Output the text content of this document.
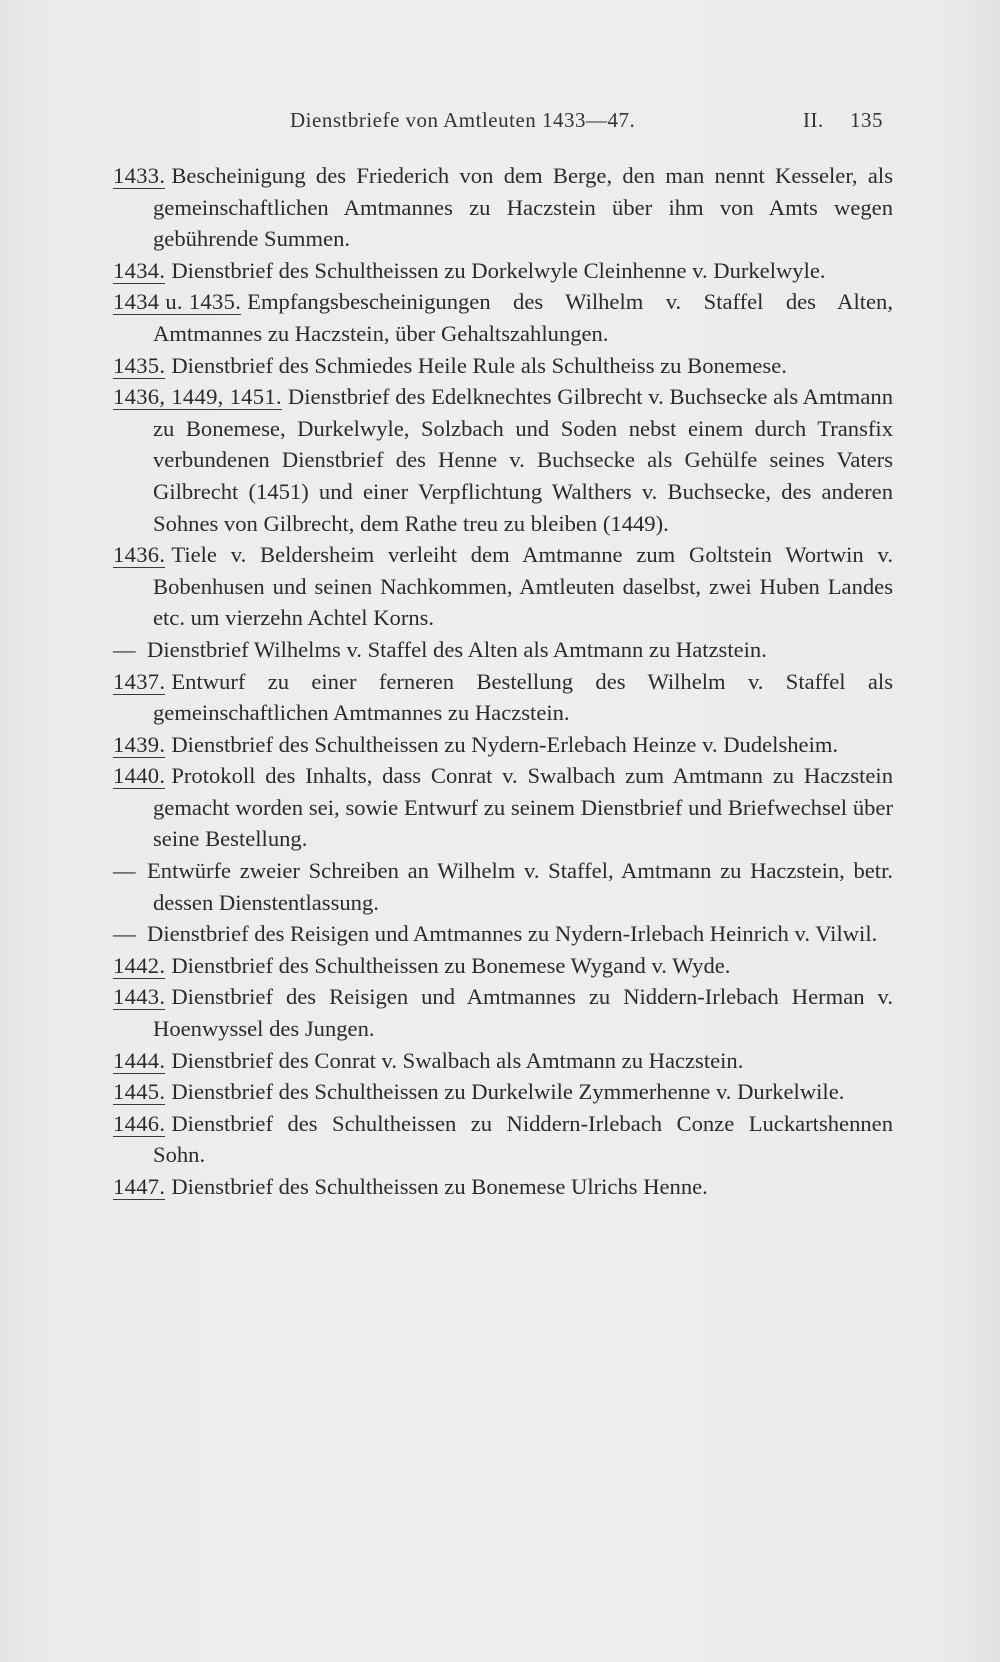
Dienstbriefe von Amtleuten 1433—47.	II. 135

1433. Bescheinigung des Friederich von dem Berge, den man nennt Kesseler, als gemeinschaftlichen Amtmannes zu Haczstein über ihm von Amts wegen gebührende Summen.

1434. Dienstbrief des Schultheissen zu Dorkelwyle Cleinhenne v. Durkelwyle.

1434 u. 1435. Empfangsbescheinigungen des Wilhelm v. Staffel des Alten, Amtmannes zu Haczstein, über Gehaltszahlungen.

1435. Dienstbrief des Schmiedes Heile Rule als Schultheiss zu Bonemese.

1436, 1449, 1451. Dienstbrief des Edelknechtes Gilbrecht v. Buchsecke als Amtmann zu Bonemese, Durkelwyle, Solzbach und Soden nebst einem durch Transfix verbundenen Dienstbrief des Henne v. Buchsecke als Gehülfe seines Vaters Gilbrecht (1451) und einer Verpflichtung Walthers v. Buchsecke, des anderen Sohnes von Gilbrecht, dem Rathe treu zu bleiben (1449).

1436. Tiele v. Beldersheim verleiht dem Amtmanne zum Goltstein Wortwin v. Bobenhusen und seinen Nachkommen, Amtleuten daselbst, zwei Huben Landes etc. um vierzehn Achtel Korns.

— Dienstbrief Wilhelms v. Staffel des Alten als Amtmann zu Hatzstein.

1437. Entwurf zu einer ferneren Bestellung des Wilhelm v. Staffel als gemeinschaftlichen Amtmannes zu Haczstein.

1439. Dienstbrief des Schultheissen zu Nydern-Erlebach Heinze v. Dudelsheim.

1440. Protokoll des Inhalts, dass Conrat v. Swalbach zum Amtmann zu Haczstein gemacht worden sei, sowie Entwurf zu seinem Dienstbrief und Briefwechsel über seine Bestellung.

— Entwürfe zweier Schreiben an Wilhelm v. Staffel, Amtmann zu Haczstein, betr. dessen Dienstentlassung.

— Dienstbrief des Reisigen und Amtmannes zu Nydern-Irlebach Heinrich v. Vilwil.

1442. Dienstbrief des Schultheissen zu Bonemese Wygand v. Wyde.

1443. Dienstbrief des Reisigen und Amtmannes zu Niddern-Irlebach Herman v. Hoenwyssel des Jungen.

1444. Dienstbrief des Conrat v. Swalbach als Amtmann zu Haczstein.

1445. Dienstbrief des Schultheissen zu Durkelwile Zymmerhenne v. Durkelwile.

1446. Dienstbrief des Schultheissen zu Niddern-Irlebach Conze Luckartshennen Sohn.

1447. Dienstbrief des Schultheissen zu Bonemese Ulrichs Henne.
